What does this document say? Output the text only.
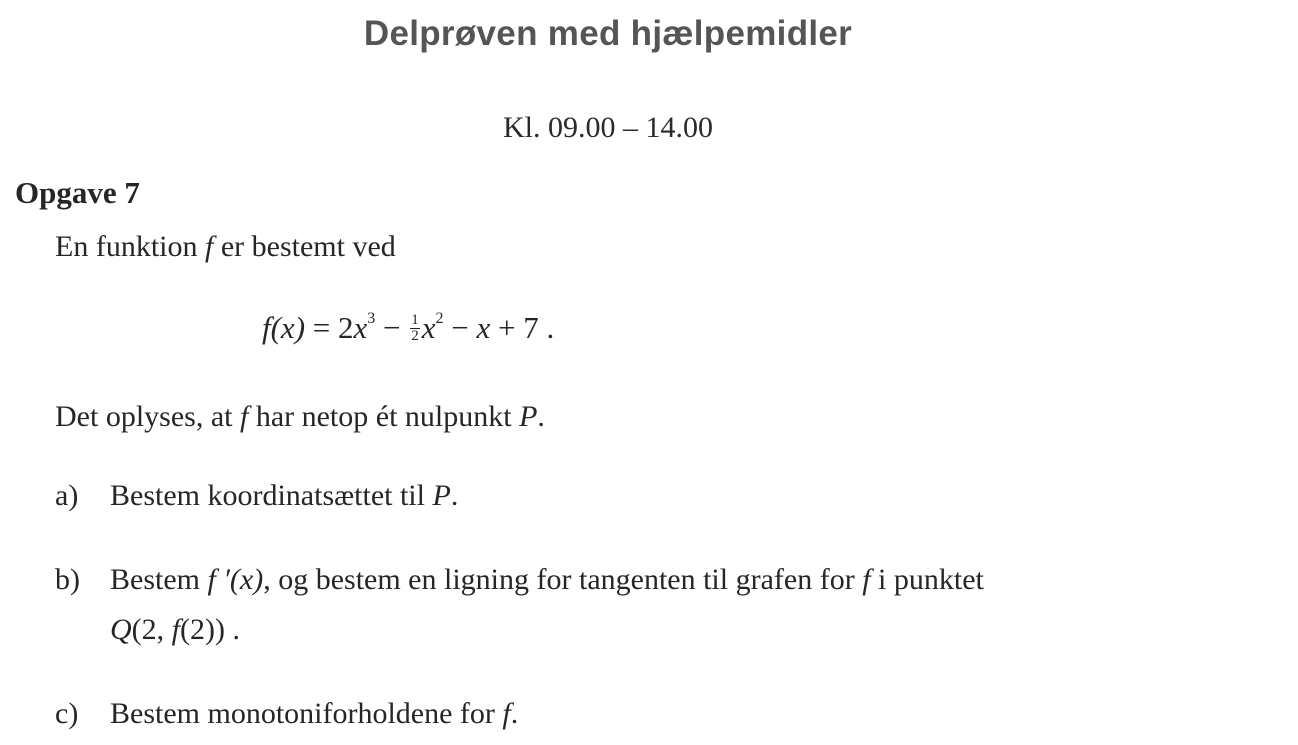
Delprøven med hjælpemidler
Kl. 09.00 – 14.00
Opgave 7
En funktion f er bestemt ved
$f(x) = 2x^3 - \frac{1}{2} x^2 - x + 7$ .
Det oplyses, at f har netop ét nulpunkt P.
a) Bestem koordinatsættet til P.
b) Bestem f ′(x), og bestem en ligning for tangenten til grafen for f i punktet
Q(2, f(2)) .
c) Bestem monotoniforholdene for f.
